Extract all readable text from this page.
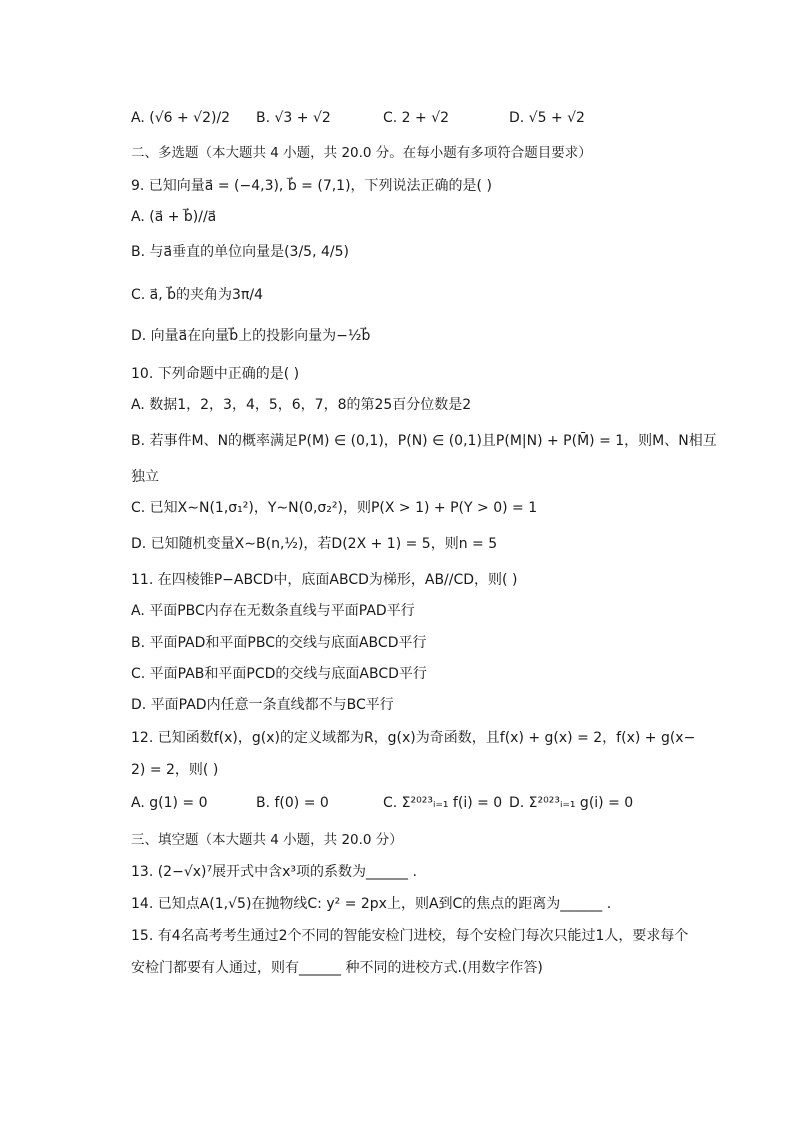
A. (√6 + √2)/2 B. √3 + √2	C. 2 + √2	D. √5 + √2
二、多选题（本大题共 4 小题，共 20.0 分。在每小题有多项符合题目要求）
9. 已知向量a⃗ = (−4,3), b⃗ = (7,1)，下列说法正确的是( )
A. (a⃗ + b⃗)//a⃗
B. 与a⃗垂直的单位向量是(3/5, 4/5)
C. a⃗, b⃗的夹角为3π/4
D. 向量a⃗在向量b⃗上的投影向量为−½b⃗
10. 下列命题中正确的是( )
A. 数据1，2，3，4，5，6，7，8的第25百分位数是2
B. 若事件M、N的概率满足P(M) ∈ (0,1)，P(N) ∈ (0,1)且P(M|N) + P(M̄) = 1，则M、N相互
独立
C. 已知X∼N(1,σ₁²)，Y∼N(0,σ₂²)，则P(X > 1) + P(Y > 0) = 1
D. 已知随机变量X∼B(n,½)，若D(2X + 1) = 5，则n = 5
11. 在四棱锥P−ABCD中，底面ABCD为梯形，AB//CD，则( )
A. 平面PBC内存在无数条直线与平面PAD平行
B. 平面PAD和平面PBC的交线与底面ABCD平行
C. 平面PAB和平面PCD的交线与底面ABCD平行
D. 平面PAD内任意一条直线都不与BC平行
12. 已知函数f(x)，g(x)的定义域都为R，g(x)为奇函数，且f(x) + g(x) = 2，f(x) + g(x−
2) = 2，则( )
A. g(1) = 0	B. f(0) = 0	C. Σ²⁰²³ᵢ₌₁ f(i) = 0 D. Σ²⁰²³ᵢ₌₁ g(i) = 0
三、填空题（本大题共 4 小题，共 20.0 分）
13. (2−√x)⁷展开式中含x³项的系数为______ .
14. 已知点A(1,√5)在抛物线C: y² = 2px上，则A到C的焦点的距离为______ .
15. 有4名高考考生通过2个不同的智能安检门进校，每个安检门每次只能过1人，要求每个
安检门都要有人通过，则有______ 种不同的进校方式.(用数字作答)
